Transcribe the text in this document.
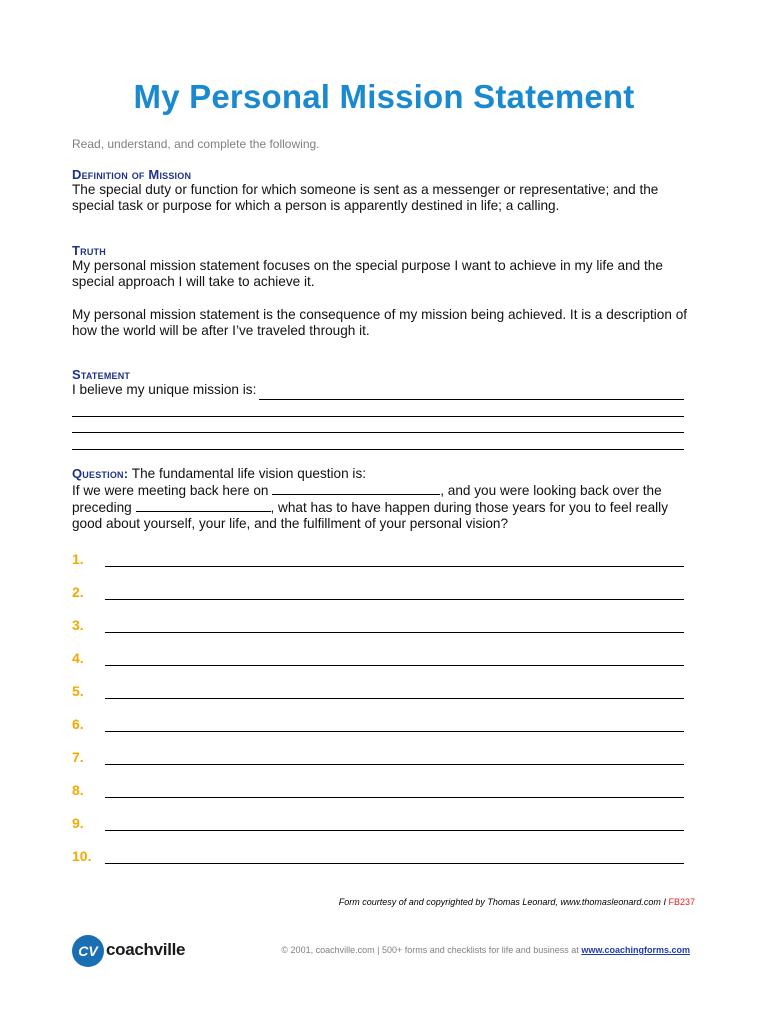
My Personal Mission Statement
Read, understand, and complete the following.
Definition of Mission
The special duty or function for which someone is sent as a messenger or representative; and the special task or purpose for which a person is apparently destined in life; a calling.
Truth
My personal mission statement focuses on the special purpose I want to achieve in my life and the special approach I will take to achieve it.
My personal mission statement is the consequence of my mission being achieved. It is a description of how the world will be after I’ve traveled through it.
Statement
I believe my unique mission is:
Question: The fundamental life vision question is:
If we were meeting back here on	, and you were looking back over the preceding	, what has to have happen during those years for you to feel really good about yourself, your life, and the fulfillment of your personal vision?
1.
2.
3.
4.
5.
6.
7.
8.
9.
10.
Form courtesy of and copyrighted by Thomas Leonard, www.thomasleonard.com I FB237
CV coachville	© 2001, coachville.com | 500+ forms and checklists for life and business at www.coachingforms.com
